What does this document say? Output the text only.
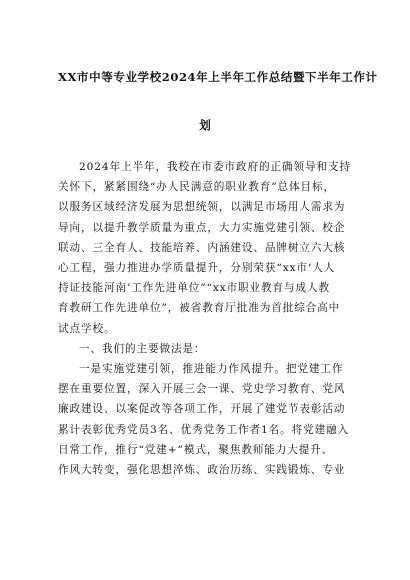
XX市中等专业学校2024年上半年工作总结暨下半年工作计
划

2024年上半年，我校在市委市政府的正确领导和支持
关怀下，紧紧围绕“办人民满意的职业教育”总体目标，
以服务区域经济发展为思想统领，以满足市场用人需求为
导向，以提升教学质量为重点，大力实施党建引领、校企
联动、三全育人、技能培养、内涵建设、品牌树立六大核
心工程，强力推进办学质量提升，分别荣获“xx市‘人人
持证技能河南’工作先进单位”“xx市职业教育与成人教
育教研工作先进单位”，被省教育厅批准为首批综合高中
试点学校。

一、我们的主要做法是：

一是实施党建引领，推进能力作风提升。把党建工作
摆在重要位置，深入开展三会一课、党史学习教育、党风
廉政建设、以案促改等各项工作，开展了建党节表彰活动
累计表彰优秀党员3名、优秀党务工作者1名。将党建融入
日常工作，推行“党建+”模式，聚焦教师能力大提升、
作风大转变，强化思想淬炼、政治历练、实践锻炼、专业
